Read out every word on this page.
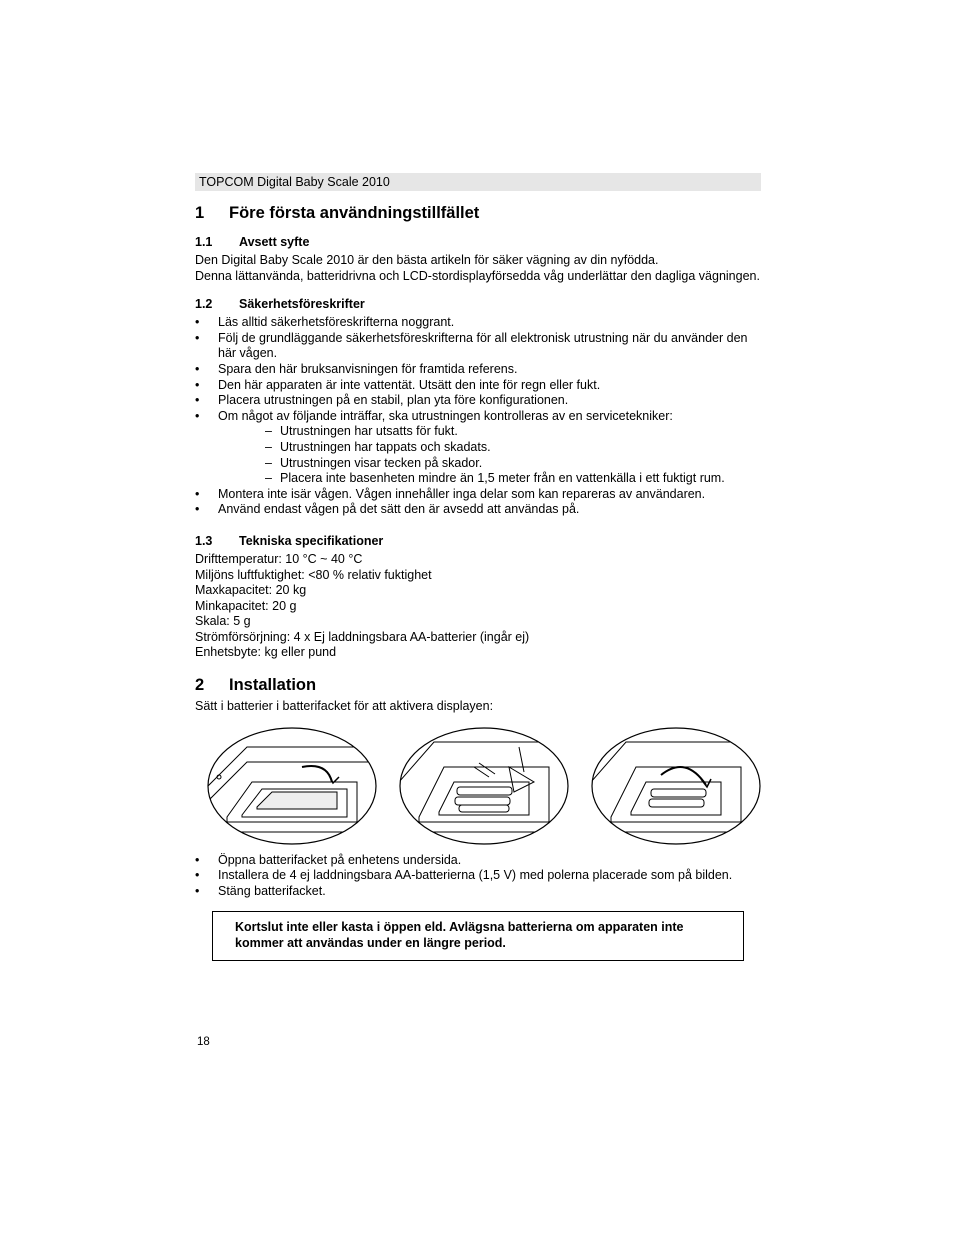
TOPCOM Digital Baby Scale 2010
1	Före första användningstillfället
1.1	Avsett syfte

Den Digital Baby Scale 2010 är den bästa artikeln för säker vägning av din nyfödda.

Denna lättanvända, batteridrivna och LCD-stordisplayförsedda våg underlättar den dagliga vägningen.

1.2	Säkerhetsföreskrifter
• Läs alltid säkerhetsföreskrifterna noggrant.
• Följ de grundläggande säkerhetsföreskrifterna för all elektronisk utrustning när du använder den här vågen.
• Spara den här bruksanvisningen för framtida referens.
• Den här apparaten är inte vattentät. Utsätt den inte för regn eller fukt.
• Placera utrustningen på en stabil, plan yta före konfigurationen.
• Om något av följande inträffar, ska utrustningen kontrolleras av en servicetekniker:
– Utrustningen har utsatts för fukt.
– Utrustningen har tappats och skadats.
– Utrustningen visar tecken på skador.
– Placera inte basenheten mindre än 1,5 meter från en vattenkälla i ett fuktigt rum.
• Montera inte isär vågen. Vågen innehåller inga delar som kan repareras av användaren.
• Använd endast vågen på det sätt den är avsedd att användas på.
1.3	Tekniska specifikationer

Drifttemperatur: 10 °C ~ 40 °C

Miljöns luftfuktighet: <80 % relativ fuktighet

Maxkapacitet: 20 kg

Minkapacitet: 20 g

Skala: 5 g

Strömförsörjning: 4 x Ej laddningsbara AA-batterier (ingår ej)

Enhetsbyte: kg eller pund

2	Installation

Sätt i batterier i batterifacket för att aktivera displayen:

• Öppna batterifacket på enhetens undersida.
• Installera de 4 ej laddningsbara AA-batterierna (1,5 V) med polerna placerade som på bilden.
• Stäng batterifacket.
Kortslut inte eller kasta i öppen eld. Avlägsna batterierna om apparaten inte kommer att användas under en längre period.
18
